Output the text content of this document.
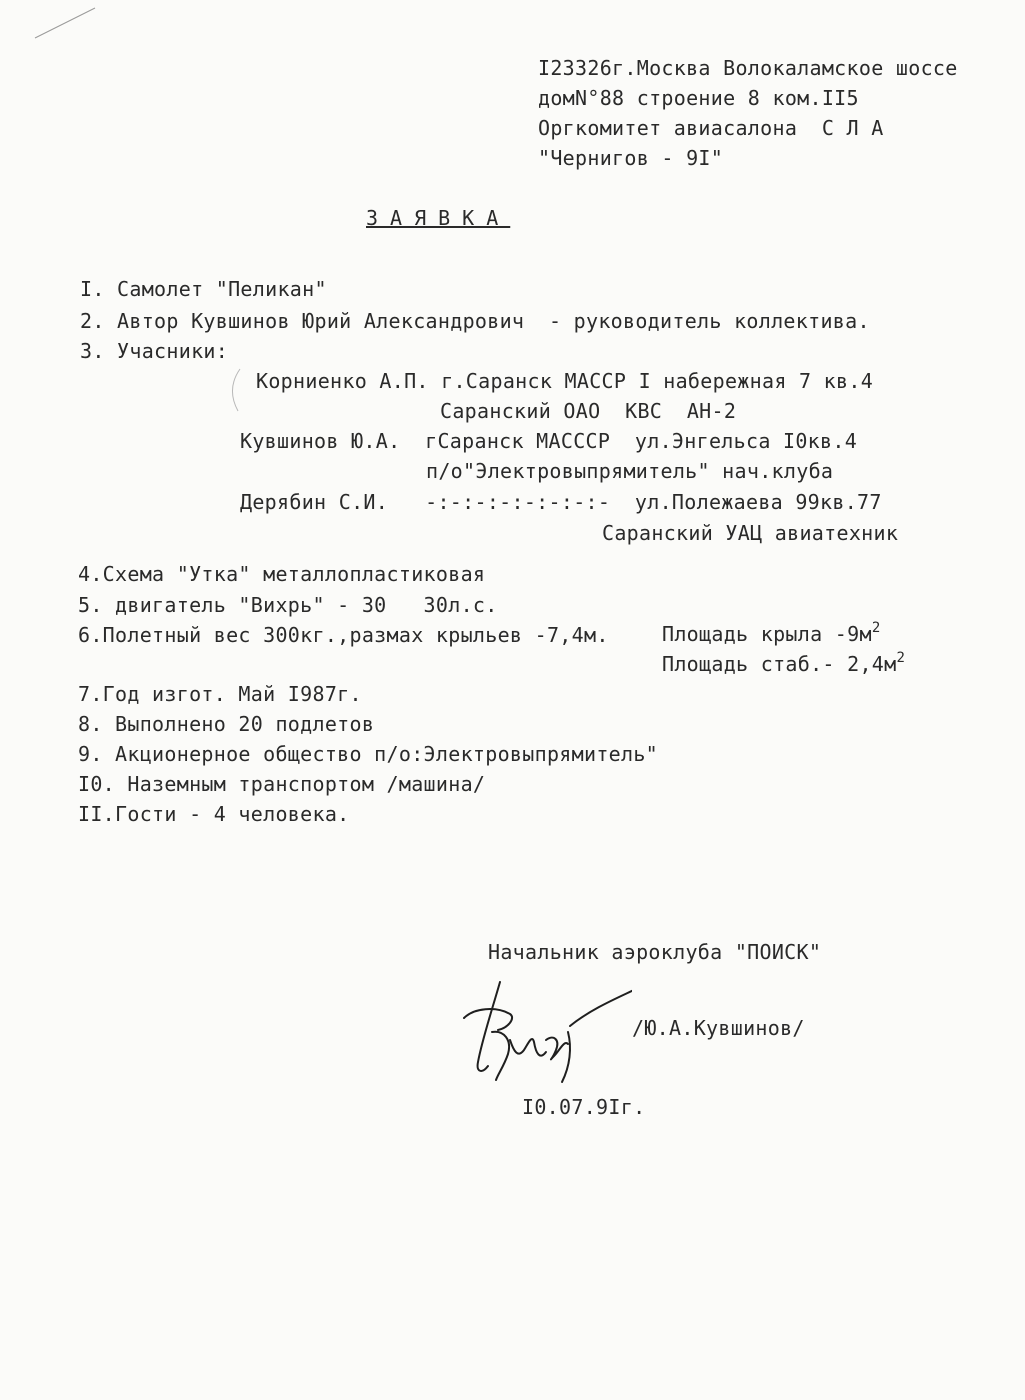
I23326г.Москва Волокаламское шоссе
домN°88 строение 8 ком.II5
Оргкомитет авиасалона  С Л А
"Чернигов - 9I"
ЗАЯВКА
I. Самолет "Пеликан"
2. Автор Кувшинов Юрий Александрович  - руководитель коллектива.
3. Учасники:
Корниенко А.П. г.Саранск МАССР I набережная 7 кв.4
Саранский ОАО  КВС  АН-2
Кувшинов Ю.А.  гСаранск МАСССР  ул.Энгельса I0кв.4
п/о"Электровыпрямитель" нач.клуба
Дерябин С.И.   -:-:-:-:-:-:-:-  ул.Полежаева 99кв.77
Саранский УАЦ авиатехник
4.Схема "Утка" металлопластиковая
5. двигатель "Вихрь" - 30   30л.с.
6.Полетный вес 300кг.,размах крыльев -7,4м.	Площадь крыла $-9м^2$
Площадь стаб.- $2,4м^2$
7.Год изгот. Май I987г.
8. Выполнено 20 подлетов
9. Акционерное общество п/о:Электровыпрямитель"
I0. Наземным транспортом /машина/
II.Гости - 4 человека.
Начальник аэроклуба "ПОИСК"
/Ю.А.Кувшинов/
I0.07.9Iг.
